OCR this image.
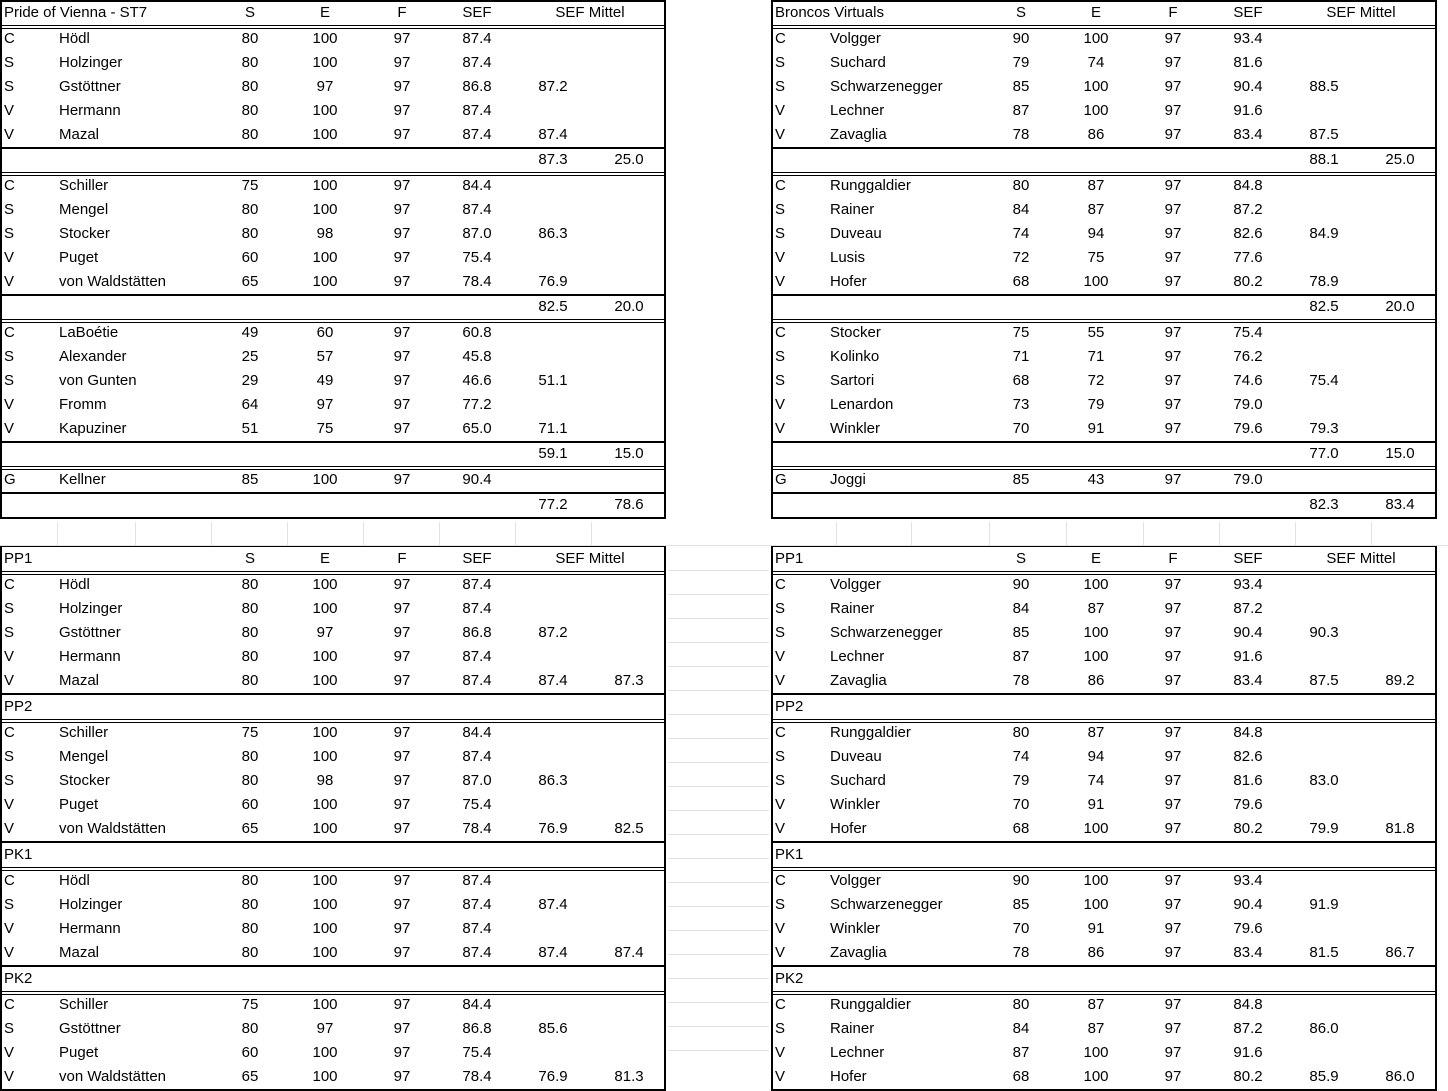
Pride of Vienna - ST7	S	E	F	SEF	SEF Mittel
C	Hödl	80	100	97	87.4
S	Holzinger	80	100	97	87.4
S	Gstöttner	80	97	97	86.8	87.2
V	Hermann	80	100	97	87.4
V	Mazal	80	100	97	87.4	87.4
87.3	25.0
C	Schiller	75	100	97	84.4
S	Mengel	80	100	97	87.4
S	Stocker	80	98	97	87.0	86.3
V	Puget	60	100	97	75.4
V	von Waldstätten	65	100	97	78.4	76.9
82.5	20.0
C	LaBoétie	49	60	97	60.8
S	Alexander	25	57	97	45.8
S	von Gunten	29	49	97	46.6	51.1
V	Fromm	64	97	97	77.2
V	Kapuziner	51	75	97	65.0	71.1
59.1	15.0
G	Kellner	85	100	97	90.4
77.2	78.6
Broncos Virtuals	S	E	F	SEF	SEF Mittel
C	Volgger	90	100	97	93.4
S	Suchard	79	74	97	81.6
S	Schwarzenegger	85	100	97	90.4	88.5
V	Lechner	87	100	97	91.6
V	Zavaglia	78	86	97	83.4	87.5
88.1	25.0
C	Runggaldier	80	87	97	84.8
S	Rainer	84	87	97	87.2
S	Duveau	74	94	97	82.6	84.9
V	Lusis	72	75	97	77.6
V	Hofer	68	100	97	80.2	78.9
82.5	20.0
C	Stocker	75	55	97	75.4
S	Kolinko	71	71	97	76.2
S	Sartori	68	72	97	74.6	75.4
V	Lenardon	73	79	97	79.0
V	Winkler	70	91	97	79.6	79.3
77.0	15.0
G	Joggi	85	43	97	79.0
82.3	83.4
PP1	S	E	F	SEF	SEF Mittel
C	Hödl	80	100	97	87.4
S	Holzinger	80	100	97	87.4
S	Gstöttner	80	97	97	86.8	87.2
V	Hermann	80	100	97	87.4
V	Mazal	80	100	97	87.4	87.4	87.3
PP2
C	Schiller	75	100	97	84.4
S	Mengel	80	100	97	87.4
S	Stocker	80	98	97	87.0	86.3
V	Puget	60	100	97	75.4
V	von Waldstätten	65	100	97	78.4	76.9	82.5
PK1
C	Hödl	80	100	97	87.4
S	Holzinger	80	100	97	87.4	87.4
V	Hermann	80	100	97	87.4
V	Mazal	80	100	97	87.4	87.4	87.4
PK2
C	Schiller	75	100	97	84.4
S	Gstöttner	80	97	97	86.8	85.6
V	Puget	60	100	97	75.4
V	von Waldstätten	65	100	97	78.4	76.9	81.3
PP1	S	E	F	SEF	SEF Mittel
C	Volgger	90	100	97	93.4
S	Rainer	84	87	97	87.2
S	Schwarzenegger	85	100	97	90.4	90.3
V	Lechner	87	100	97	91.6
V	Zavaglia	78	86	97	83.4	87.5	89.2
PP2
C	Runggaldier	80	87	97	84.8
S	Duveau	74	94	97	82.6
S	Suchard	79	74	97	81.6	83.0
V	Winkler	70	91	97	79.6
V	Hofer	68	100	97	80.2	79.9	81.8
PK1
C	Volgger	90	100	97	93.4
S	Schwarzenegger	85	100	97	90.4	91.9
V	Winkler	70	91	97	79.6
V	Zavaglia	78	86	97	83.4	81.5	86.7
PK2
C	Runggaldier	80	87	97	84.8
S	Rainer	84	87	97	87.2	86.0
V	Lechner	87	100	97	91.6
V	Hofer	68	100	97	80.2	85.9	86.0
